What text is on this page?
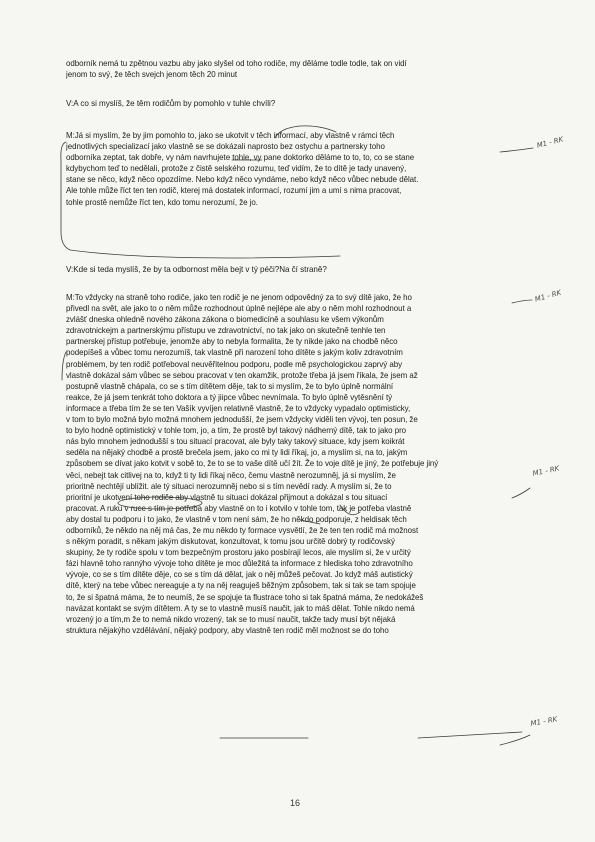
odborník nemá tu zpětnou vazbu aby jako slyšel od toho rodiče, my děláme todle todle, tak on vidí
jenom to svý, že těch svejch jenom těch 20 minut
V:A co si myslíš, že těm rodičům by pomohlo v tuhle chvíli?
M:Já si myslím, že by jim pomohlo to, jako se ukotvit v těch informací, aby vlastně v rámci těch
jednotlivých specializací jako vlastně se se dokázali naprosto bez ostychu a partnersky toho
odborníka zeptat, tak dobře, vy nám navrhujete tohle, vy pane doktorko děláme to to, to, co se stane
kdybychom teď to nedělali, protože z čistě selského rozumu, teď vidím, že to dítě je tady unavený,
stane se něco, když něco opozdíme. Nebo když něco vyndáme, nebo když něco vůbec nebude dělat.
Ale tohle může říct ten ten rodič, kterej má dostatek informací, rozumí jim a umí s nima pracovat,
tohle prostě nemůže říct ten, kdo tomu nerozumí, že jo.
V:Kde si teda myslíš, že by ta odbornost měla bejt v tý péči?Na čí straně?
M:To vždycky na straně toho rodiče, jako ten rodič je ne jenom odpovědný za to svý dítě jako, že ho
přivedl na svět, ale jako to o něm může rozhodnout úplně nejlépe ale aby o něm mohl rozhodnout a
zvlášť dneska ohledně nového zákona zákona o biomedicíně a souhlasu ke všem výkonům
zdravotnickejm a partnerskýmu přístupu ve zdravotnictví, no tak jako on skutečně tenhle ten
partnerskej přístup potřebuje, jenomže aby to nebyla formalita, že ty nikde jako na chodbě něco
podepíšeš a vůbec tomu nerozumíš, tak vlastně při narození toho dítěte s jakým koliv zdravotním
problémem, by ten rodič potřeboval neuvěřitelnou podporu, podle mě psychologickou zaprvý aby
vlastně dokázal sám vůbec se sebou pracovat v ten okamžik, protože třeba já jsem říkala, že jsem až
postupně vlastně chápala, co se s tím dítětem děje, tak to si myslím, že to bylo úplně normální
reakce, že já jsem tenkrát toho doktora a tý jiipce vůbec nevnímala. To bylo úplně vytěsnění tý
informace a třeba tím že se ten Vašík vyvíjen relativně vlastně, že to vždycky vypadalo optimisticky,
v tom to bylo možná bylo možná mnohem jednodušší, že jsem vždycky viděli ten vývoj, ten posun, že
to bylo hodně optimistický v tohle tom, jo, a tím, že prostě byl takový nádherný dítě, tak to jako pro
nás bylo mnohem jednodušší s tou situací pracovat, ale byly taky takový situace, kdy jsem koikrát
seděla na nějaký chodbě a prostě brečela jsem, jako co mi ty lidi říkaj, jo, a myslím si, na to, jakým
způsobem se dívat jako kotvit v sobě to, že to se to vaše dítě učí žít. Že to voje dítě je jiný, že potřebuje jiný
věci, nebejt tak citlivej na to, když ti ty lidi říkaj něco, čemu vlastně nerozumněj, já si myslím, že
prioritně nechtějí ublížit. ale tý situaci nerozumněj nebo si s tím nevědí rady. A myslím si, že to
prioritní je ukotvení toho rodiče aby vlastně tu situaci dokázal přijmout a dokázal s tou situací
pracovat. A ruku v ruce s tím je potřeba aby vlastně on to i kotvilo v tohle tom, tak je potřeba vlastně
aby dostal tu podporu i to jako, že vlastně v tom není sám, že ho někdo podporuje, z heldisak těch
odborníků, že někdo na něj má čas, že mu někdo ty formace vysvětlí, že že ten ten rodič má možnost
s někým poradit, s někam jakým diskutovat, konzultovat, k tomu jsou určitě dobrý ty rodičovský
skupiny, že ty rodiče spolu v tom bezpečným prostoru jako posbírají lecos, ale myslím si, že v určitý
fázi hlavně toho rannýho vývoje toho dítěte je moc důležitá ta informace z hlediska toho zdravotního
vývoje, co se s tím dítěte děje, co se s tím dá dělat, jak o něj můžeš pečovat. Jo když máš autistický
dítě, který na tebe vůbec nereaguje a ty na něj reaguješ běžným způsobem, tak si tak se tam spojuje
to, že si špatná máma, že to neumíš, že se spojuje ta flustrace toho si tak špatná máma, že nedokážeš
navázat kontakt se svým dítětem. A ty se to vlastně musíš naučit, jak to máš dělat. Tohle nikdo nemá
vrozený jo a tím,m že to nemá nikdo vrozený, tak se to musí naučit, takže tady musí být nějaká
struktura nějakýho vzdělávání, nějaký podpory, aby vlastně ten rodič měl možnost se do toho
M1 - RK
M1 - RK
M1 - RK
M1 - RK
16
